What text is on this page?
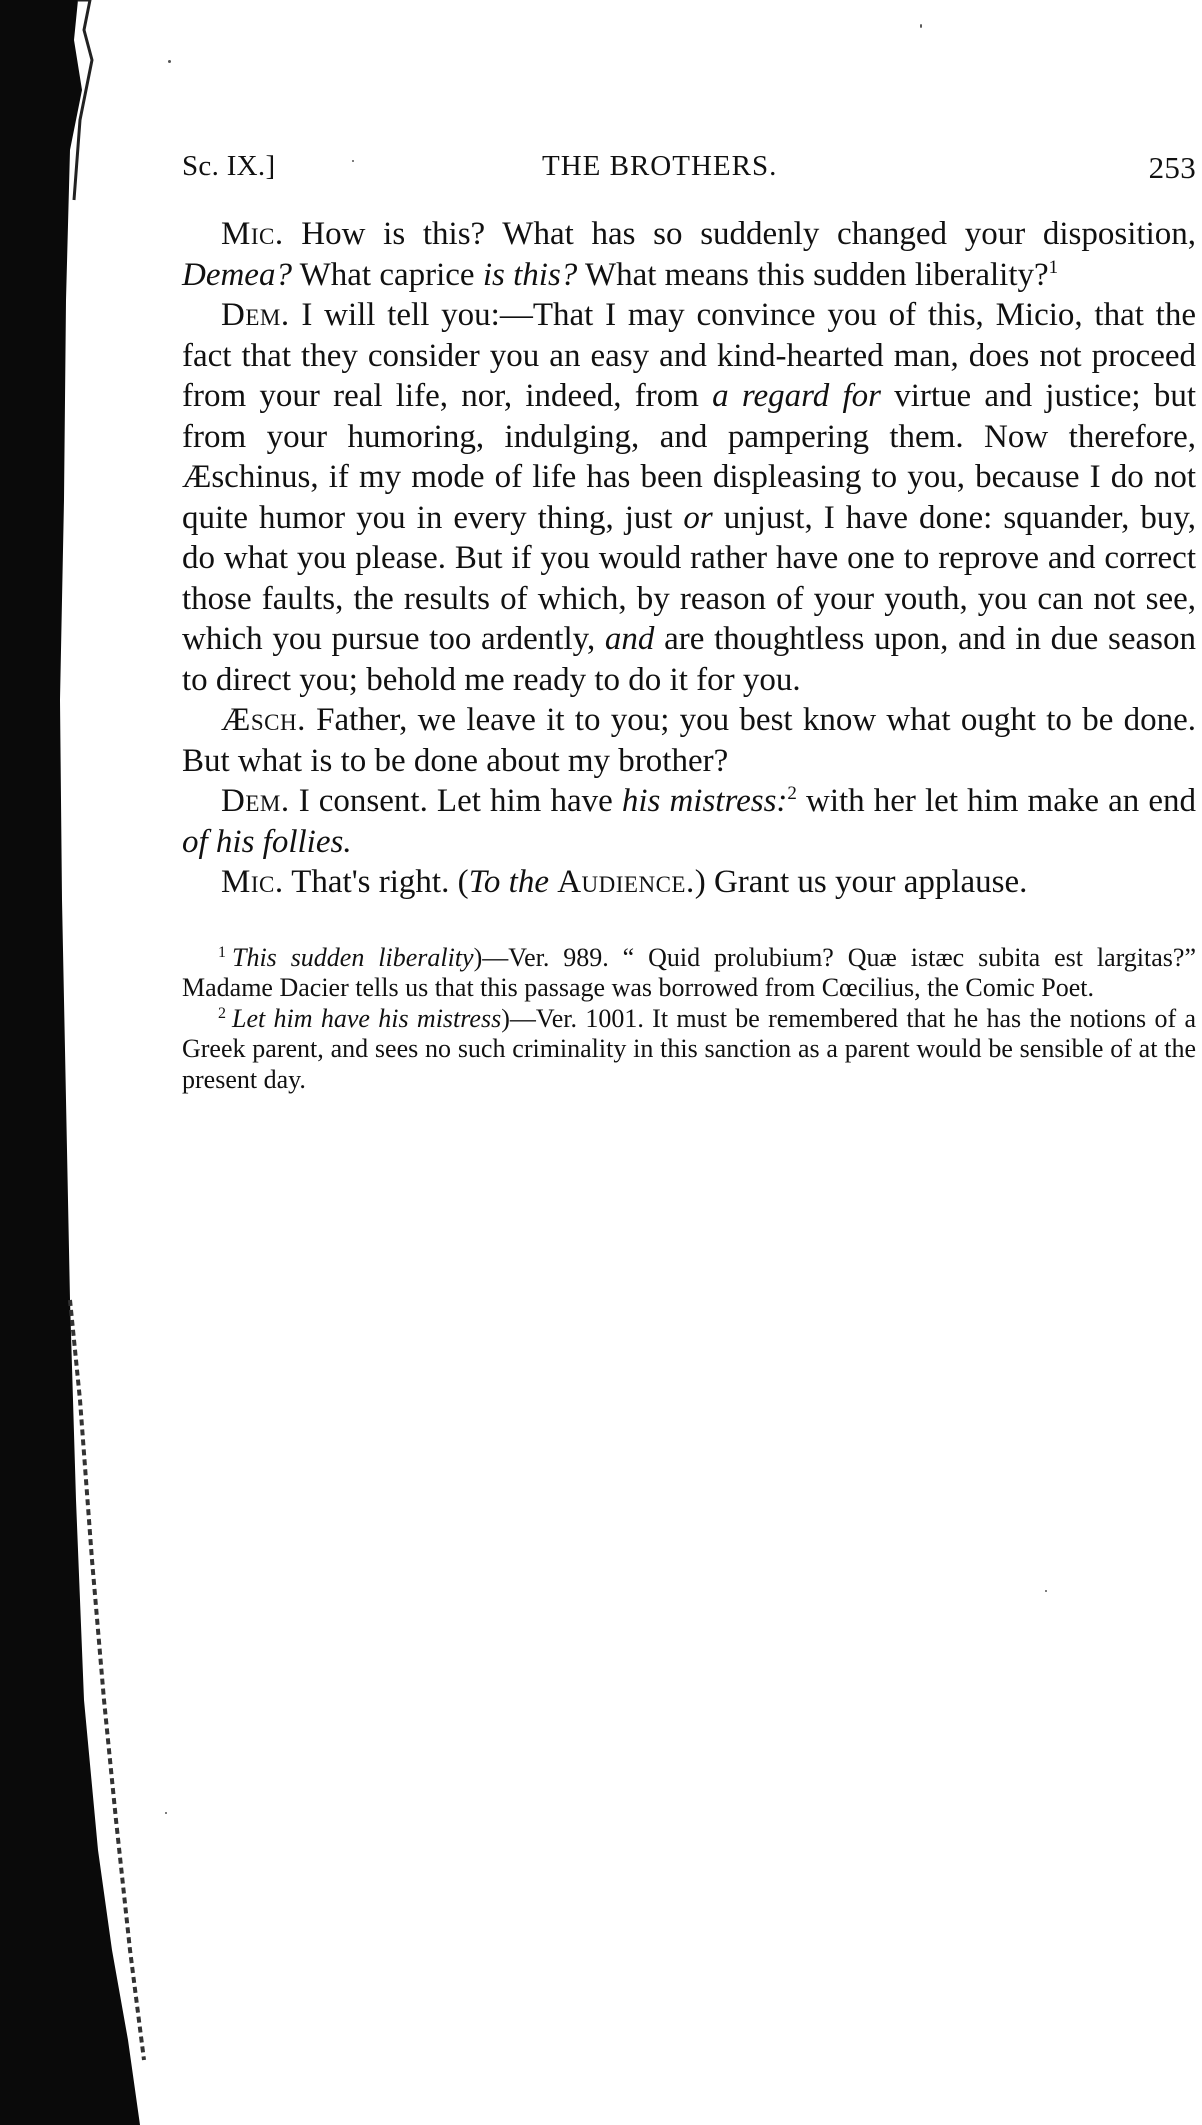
Sc. IX.]	THE BROTHERS.	253

Mic. How is this? What has so suddenly changed your disposition, Demea? What caprice is this? What means this sudden liberality?$^1$

Dem. I will tell you:—That I may convince you of this, Micio, that the fact that they consider you an easy and kind-hearted man, does not proceed from your real life, nor, indeed, from a regard for virtue and justice; but from your humoring, indulging, and pampering them. Now therefore, Æschinus, if my mode of life has been displeasing to you, because I do not quite humor you in every thing, just or unjust, I have done: squander, buy, do what you please. But if you would rather have one to reprove and correct those faults, the results of which, by reason of your youth, you can not see, which you pursue too ardently, and are thoughtless upon, and in due season to direct you; behold me ready to do it for you.

Æsch. Father, we leave it to you; you best know what ought to be done. But what is to be done about my brother?

Dem. I consent. Let him have his mistress:$^2$ with her let him make an end of his follies.

Mic. That's right. (To the Audience.) Grant us your applause.

$^1$ This sudden liberality)—Ver. 989. “ Quid prolubium? Quæ istæc subita est largitas?” Madame Dacier tells us that this passage was borrowed from Cœcilius, the Comic Poet.

$^2$ Let him have his mistress)—Ver. 1001. It must be remembered that he has the notions of a Greek parent, and sees no such criminality in this sanction as a parent would be sensible of at the present day.
